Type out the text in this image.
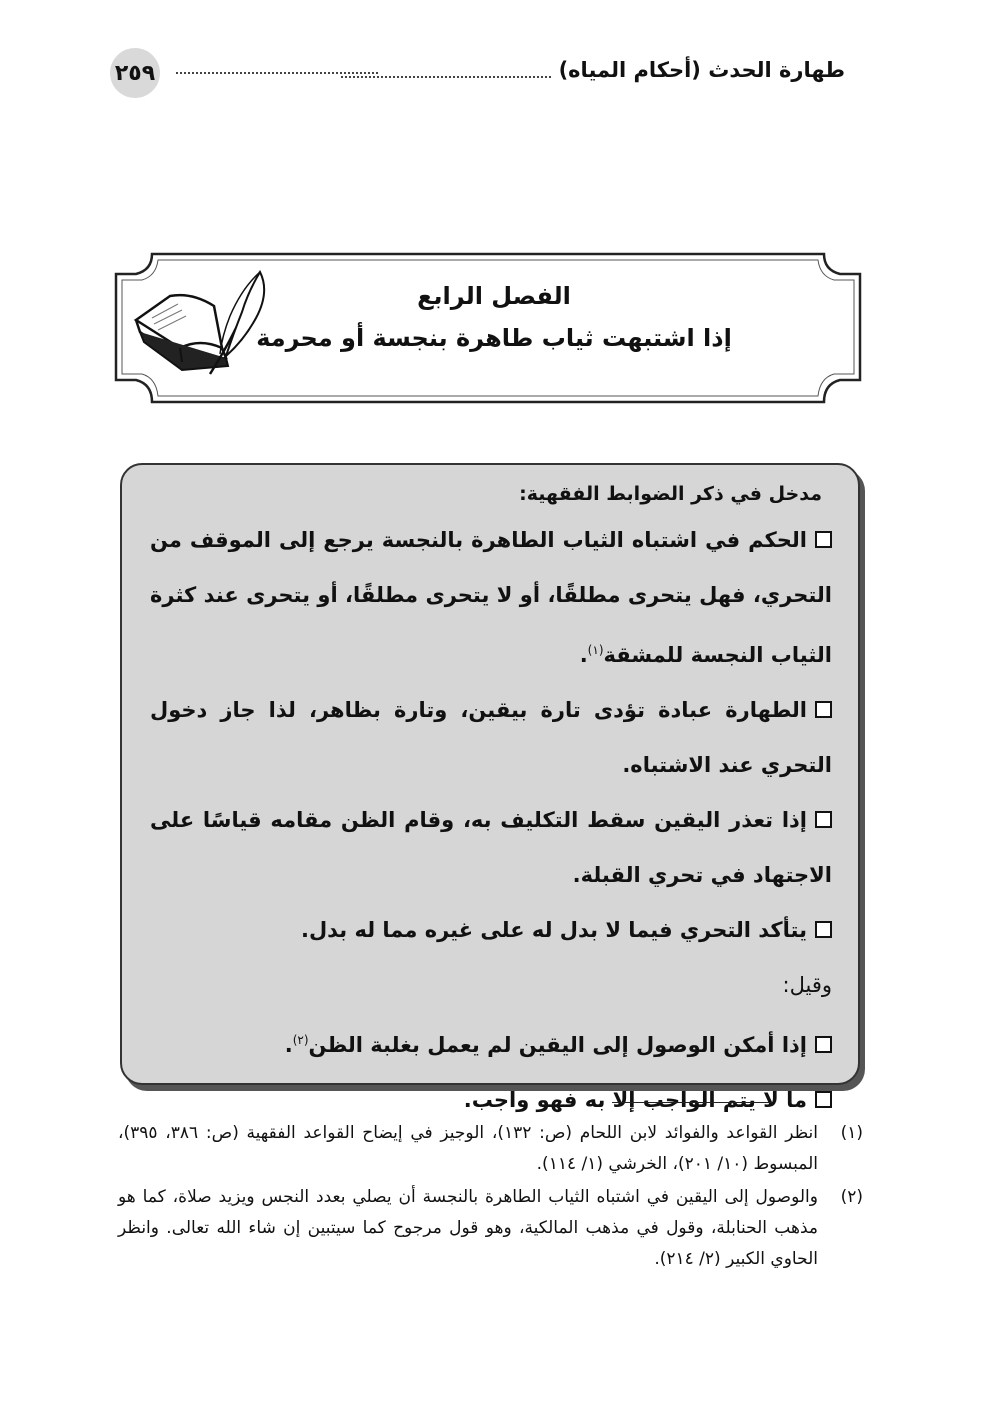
٢٥٩	طهارة الحدث (أحكام المياه)
الفصل الرابع
إذا اشتبهت ثياب طاهرة بنجسة أو محرمة
مدخل في ذكر الضوابط الفقهية:

الحكم في اشتباه الثياب الطاهرة بالنجسة يرجع إلى الموقف من التحري، فهل يتحرى مطلقًا، أو لا يتحرى مطلقًا، أو يتحرى عند كثرة الثياب النجسة للمشقة$^{(١)}$.

الطهارة عبادة تؤدى تارة بيقين، وتارة بظاهر، لذا جاز دخول التحري عند الاشتباه.

إذا تعذر اليقين سقط التكليف به، وقام الظن مقامه قياسًا على الاجتهاد في تحري القبلة.

يتأكد التحري فيما لا بدل له على غيره مما له بدل.

وقيل:

إذا أمكن الوصول إلى اليقين لم يعمل بغلبة الظن$^{(٢)}$.

ما لا يتم الواجب إلا به فهو واجب.

(١)
انظر القواعد والفوائد لابن اللحام (ص: ١٣٢)، الوجيز في إيضاح القواعد الفقهية (ص: ٣٨٦، ٣٩٥)، المبسوط (١٠/ ٢٠١)، الخرشي (١/ ١١٤).
(٢)
والوصول إلى اليقين في اشتباه الثياب الطاهرة بالنجسة أن يصلي بعدد النجس ويزيد صلاة، كما هو مذهب الحنابلة، وقول في مذهب المالكية، وهو قول مرجوح كما سيتبين إن شاء الله تعالى. وانظر الحاوي الكبير (٢/ ٢١٤).
